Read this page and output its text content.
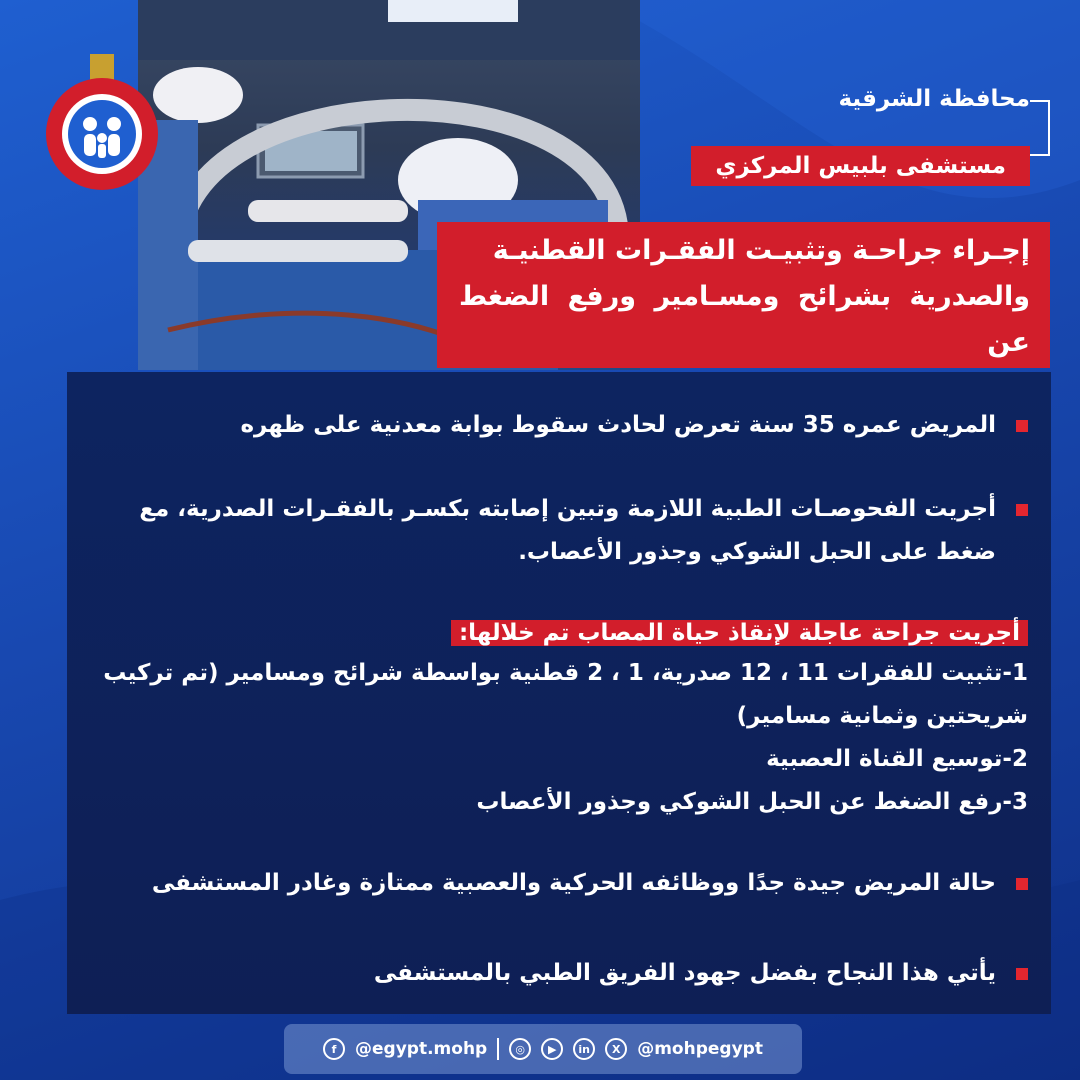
محافظة الشرقية
مستشفى بلبيس المركزي
إجـراء جراحـة وتثبيـت الفقـرات القطنيـة
والصدرية بشرائح ومسـامير ورفع الضغط عن
المريض عمره 35 سنة تعرض لحادث سقوط بوابة معدنية على ظهره
أجريت الفحوصـات الطبية اللازمة وتبين إصابته بكسـر بالفقـرات الصدرية، مع
ضغط على الحبل الشوكي وجذور الأعصاب.
أجريت جراحة عاجلة لإنقاذ حياة المصاب تم خلالها:
1-تثبيت للفقرات 11 ، 12 صدرية، 1 ، 2 قطنية بواسطة شرائح ومسامير (تم تركيب
شريحتين وثمانية مسامير)
2-توسيع القناة العصبية
3-رفع الضغط عن الحبل الشوكي وجذور الأعصاب
حالة المريض جيدة جدًا ووظائفه الحركية والعصبية ممتازة وغادر المستشفى
يأتي هذا النجاح بفضل جهود الفريق الطبي بالمستشفى
f	@egypt.mohp	◎	▶	in	X @mohpegypt
